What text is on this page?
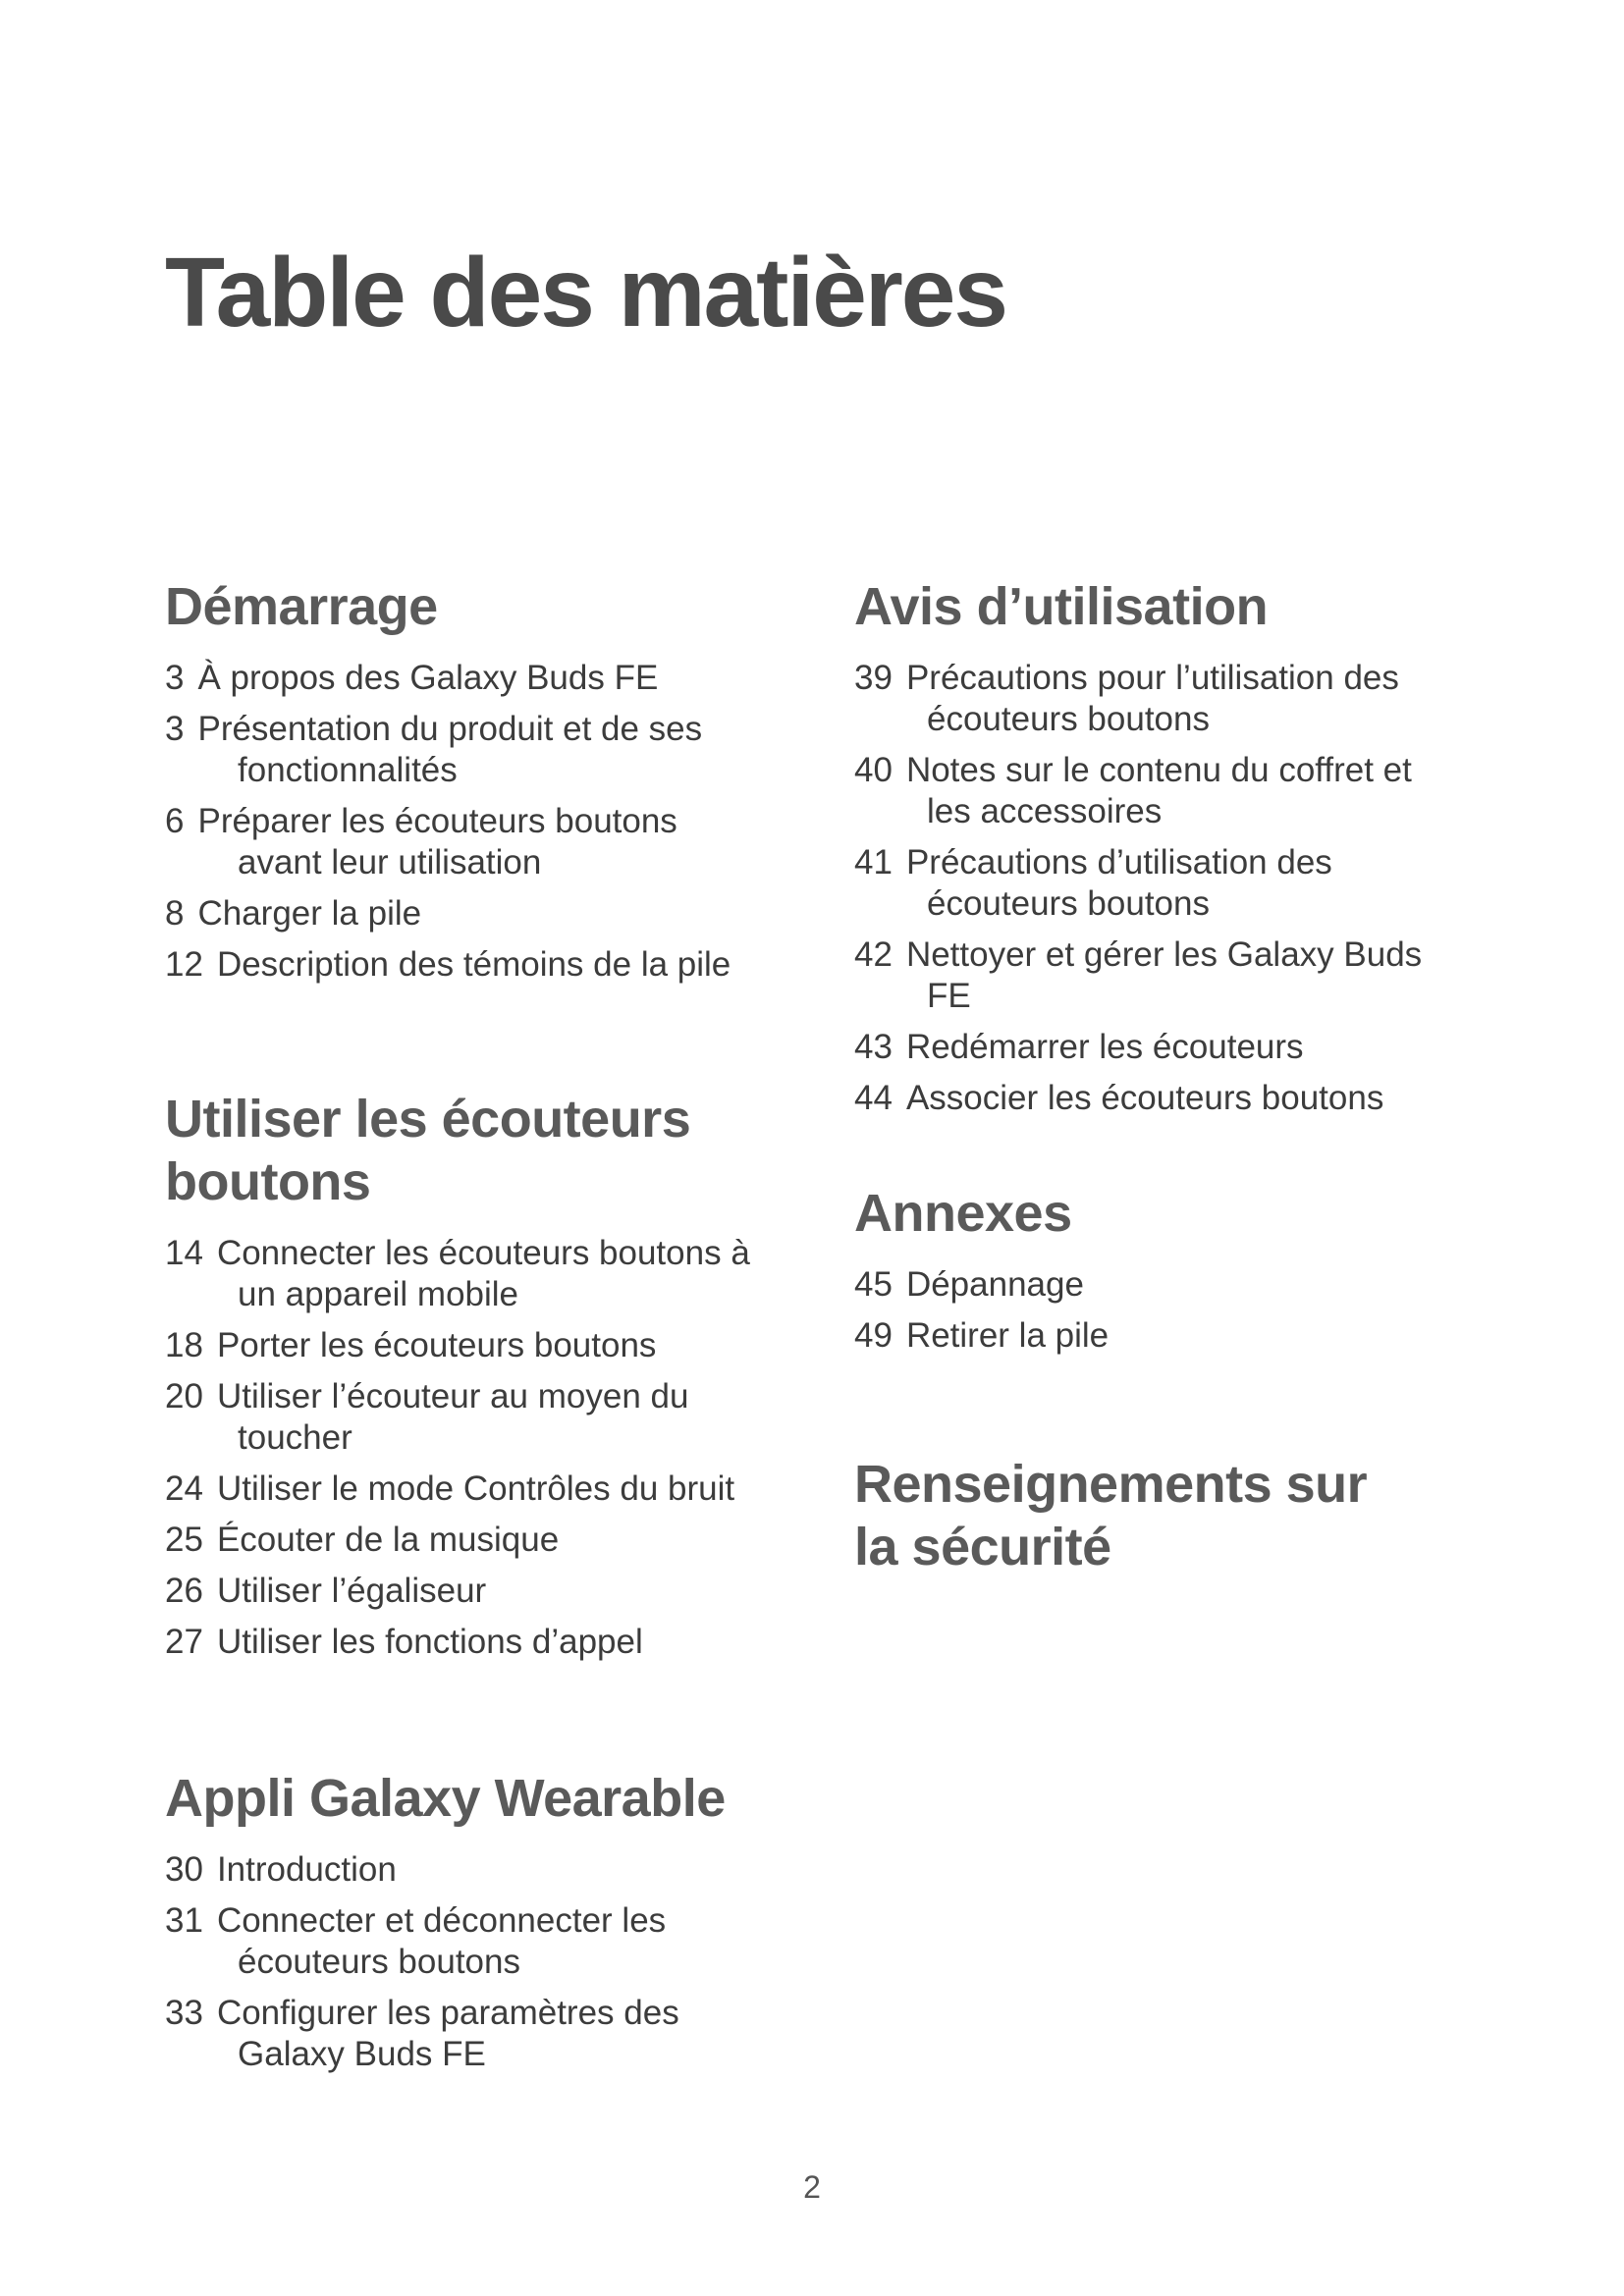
Table des matières
Démarrage
3 À propos des Galaxy Buds FE
3 Présentation du produit et de ses fonctionnalités
6 Préparer les écouteurs boutons avant leur utilisation
8 Charger la pile
12 Description des témoins de la pile
Utiliser les écouteurs boutons
14 Connecter les écouteurs boutons à un appareil mobile
18 Porter les écouteurs boutons
20 Utiliser l’écouteur au moyen du toucher
24 Utiliser le mode Contrôles du bruit
25 Écouter de la musique
26 Utiliser l’égaliseur
27 Utiliser les fonctions d’appel
Appli Galaxy Wearable
30 Introduction
31 Connecter et déconnecter les écouteurs boutons
33 Configurer les paramètres des Galaxy Buds FE
Avis d’utilisation
39 Précautions pour l’utilisation des écouteurs boutons
40 Notes sur le contenu du coffret et les accessoires
41 Précautions d’utilisation des écouteurs boutons
42 Nettoyer et gérer les Galaxy Buds FE
43 Redémarrer les écouteurs
44 Associer les écouteurs boutons
Annexes
45 Dépannage
49 Retirer la pile
Renseignements sur la sécurité
2
